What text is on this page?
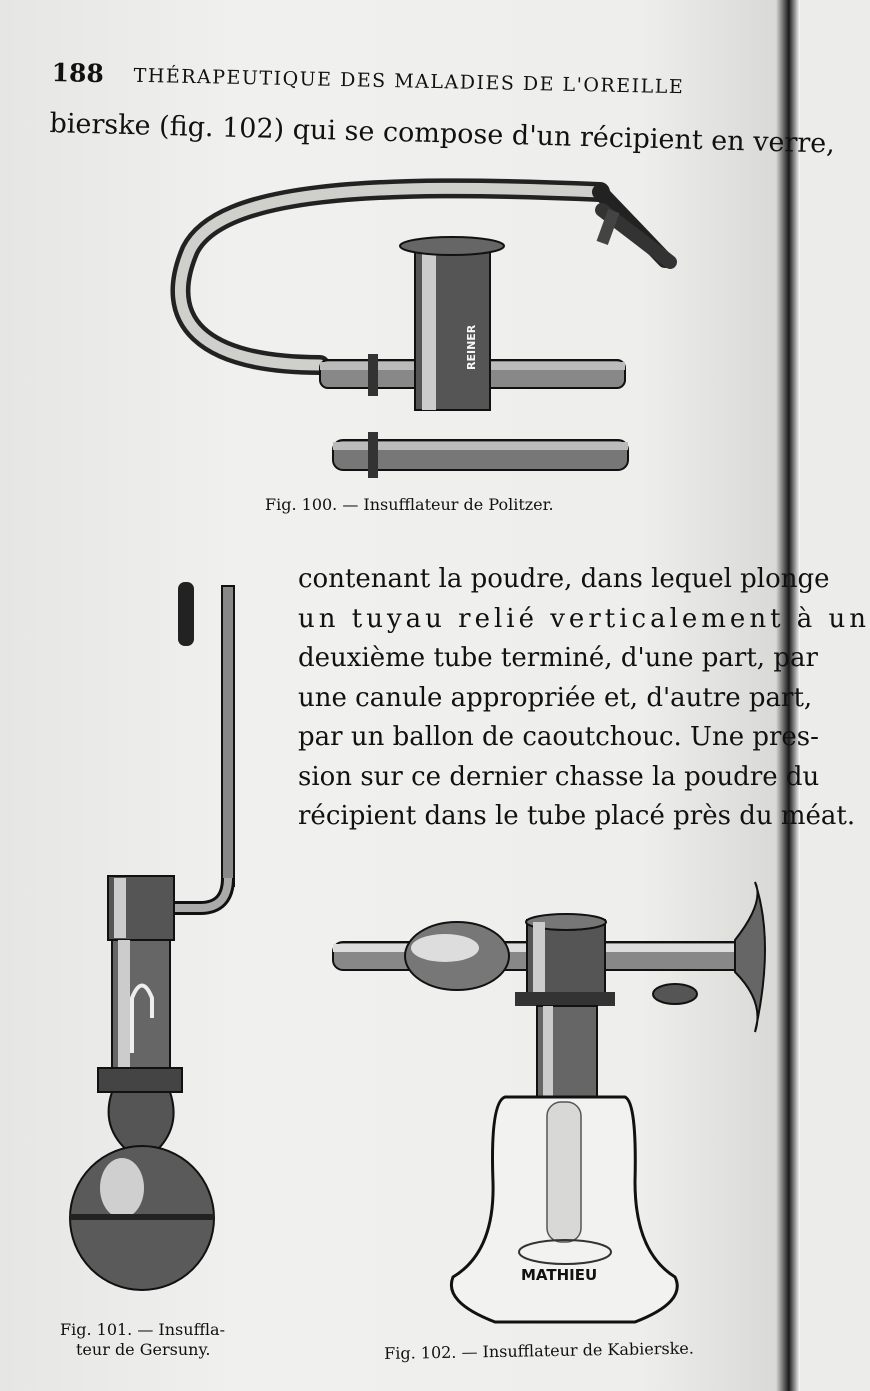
188 THÉRAPEUTIQUE DES MALADIES DE L'OREILLE
bierske (fig. 102) qui se compose d'un récipient en verre,
REINER
Fig. 100. — Insufflateur de Politzer.
contenant la poudre, dans lequel plonge
un tuyau relié verticalement à un
deuxième tube terminé, d'une part, par
une canule appropriée et, d'autre part,
par un ballon de caoutchouc. Une pres-
sion sur ce dernier chasse la poudre du
récipient dans le tube placé près du méat.
Fig. 101. — Insuffla-
teur de Gersuny.
MATHIEU
Fig. 102. — Insufflateur de Kabierske.
